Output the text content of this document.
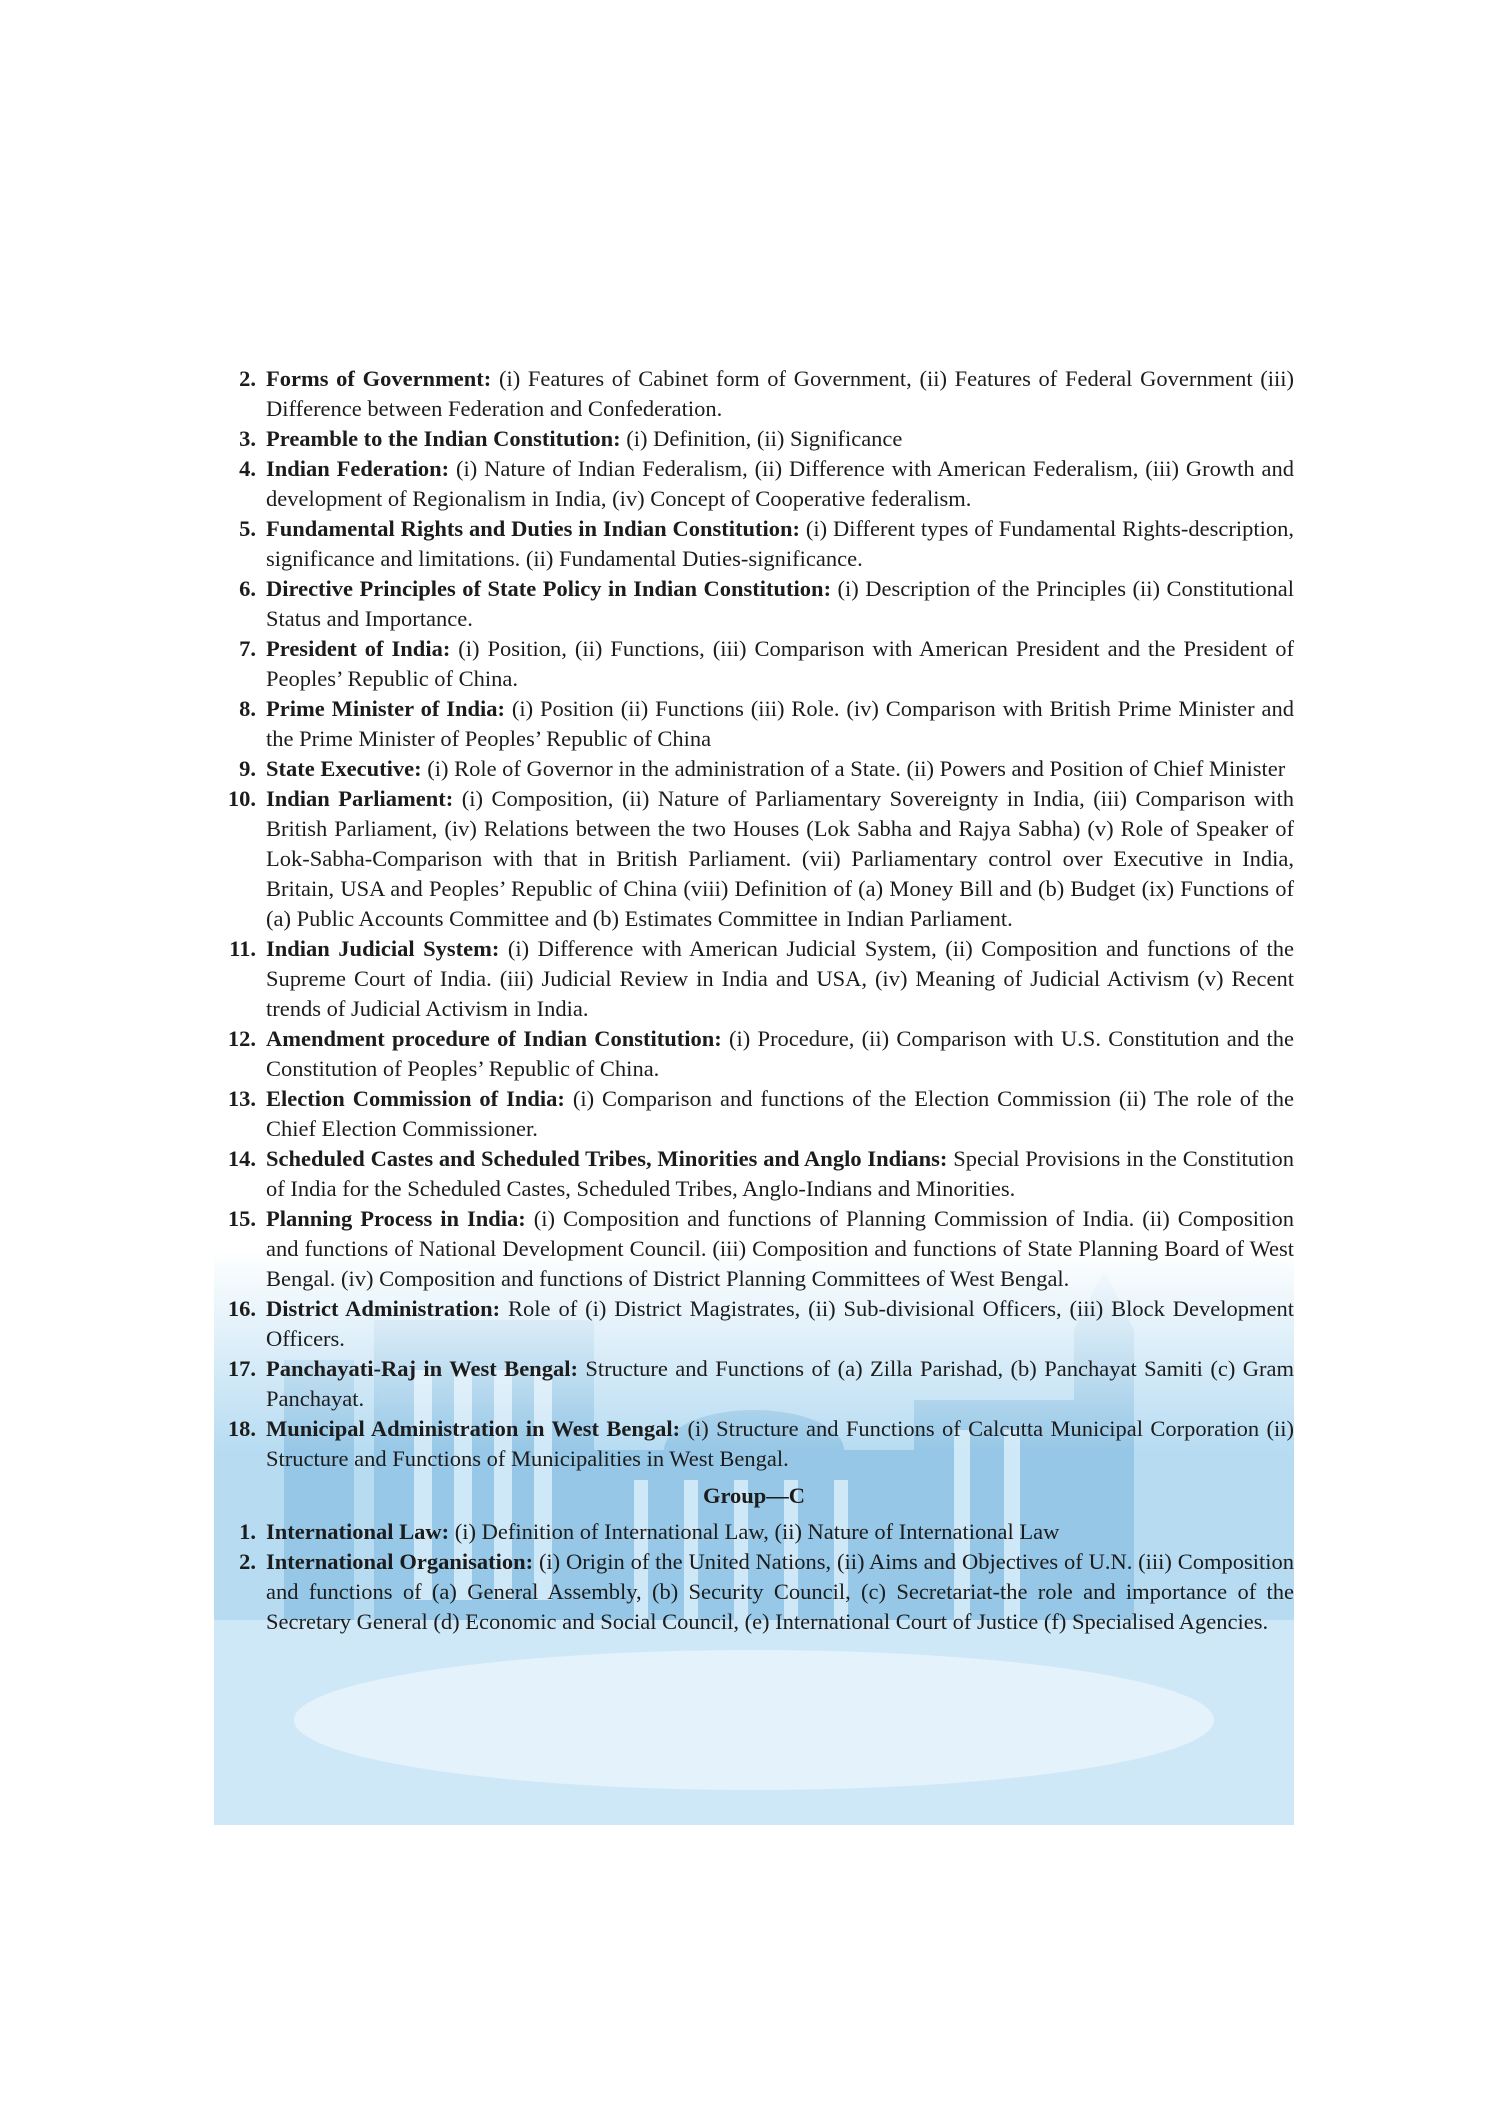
2. Forms of Government: (i) Features of Cabinet form of Government, (ii) Features of Federal Government (iii) Difference between Federation and Confederation.
3. Preamble to the Indian Constitution: (i) Definition, (ii) Significance
4. Indian Federation: (i) Nature of Indian Federalism, (ii) Difference with American Federalism, (iii) Growth and development of Regionalism in India, (iv) Concept of Cooperative federalism.
5. Fundamental Rights and Duties in Indian Constitution: (i) Different types of Fundamental Rights-description, significance and limitations. (ii) Fundamental Duties-significance.
6. Directive Principles of State Policy in Indian Constitution: (i) Description of the Principles (ii) Constitutional Status and Importance.
7. President of India: (i) Position, (ii) Functions, (iii) Comparison with American President and the President of Peoples’ Republic of China.
8. Prime Minister of India: (i) Position (ii) Functions (iii) Role. (iv) Comparison with British Prime Minister and the Prime Minister of Peoples’ Republic of China
9. State Executive: (i) Role of Governor in the administration of a State. (ii) Powers and Position of Chief Minister
10. Indian Parliament: (i) Composition, (ii) Nature of Parliamentary Sovereignty in India, (iii) Comparison with British Parliament, (iv) Relations between the two Houses (Lok Sabha and Rajya Sabha) (v) Role of Speaker of Lok-Sabha-Comparison with that in British Parliament. (vii) Parliamentary control over Executive in India, Britain, USA and Peoples’ Republic of China (viii) Definition of (a) Money Bill and (b) Budget (ix) Functions of (a) Public Accounts Committee and (b) Estimates Committee in Indian Parliament.
11. Indian Judicial System: (i) Difference with American Judicial System, (ii) Composition and functions of the Supreme Court of India. (iii) Judicial Review in India and USA, (iv) Meaning of Judicial Activism (v) Recent trends of Judicial Activism in India.
12. Amendment procedure of Indian Constitution: (i) Procedure, (ii) Comparison with U.S. Constitution and the Constitution of Peoples’ Republic of China.
13. Election Commission of India: (i) Comparison and functions of the Election Commission (ii) The role of the Chief Election Commissioner.
14. Scheduled Castes and Scheduled Tribes, Minorities and Anglo Indians: Special Provisions in the Constitution of India for the Scheduled Castes, Scheduled Tribes, Anglo-Indians and Minorities.
15. Planning Process in India: (i) Composition and functions of Planning Commission of India. (ii) Composition and functions of National Development Council. (iii) Composition and functions of State Planning Board of West Bengal. (iv) Composition and functions of District Planning Committees of West Bengal.
16. District Administration: Role of (i) District Magistrates, (ii) Sub-divisional Officers, (iii) Block Development Officers.
17. Panchayati-Raj in West Bengal: Structure and Functions of (a) Zilla Parishad, (b) Panchayat Samiti (c) Gram Panchayat.
18. Municipal Administration in West Bengal: (i) Structure and Functions of Calcutta Municipal Corporation (ii) Structure and Functions of Municipalities in West Bengal.
Group—C
1. International Law: (i) Definition of International Law, (ii) Nature of International Law
2. International Organisation: (i) Origin of the United Nations, (ii) Aims and Objectives of U.N. (iii) Composition and functions of (a) General Assembly, (b) Security Council, (c) Secretariat-the role and importance of the Secretary General (d) Economic and Social Council, (e) International Court of Justice (f) Specialised Agencies.
